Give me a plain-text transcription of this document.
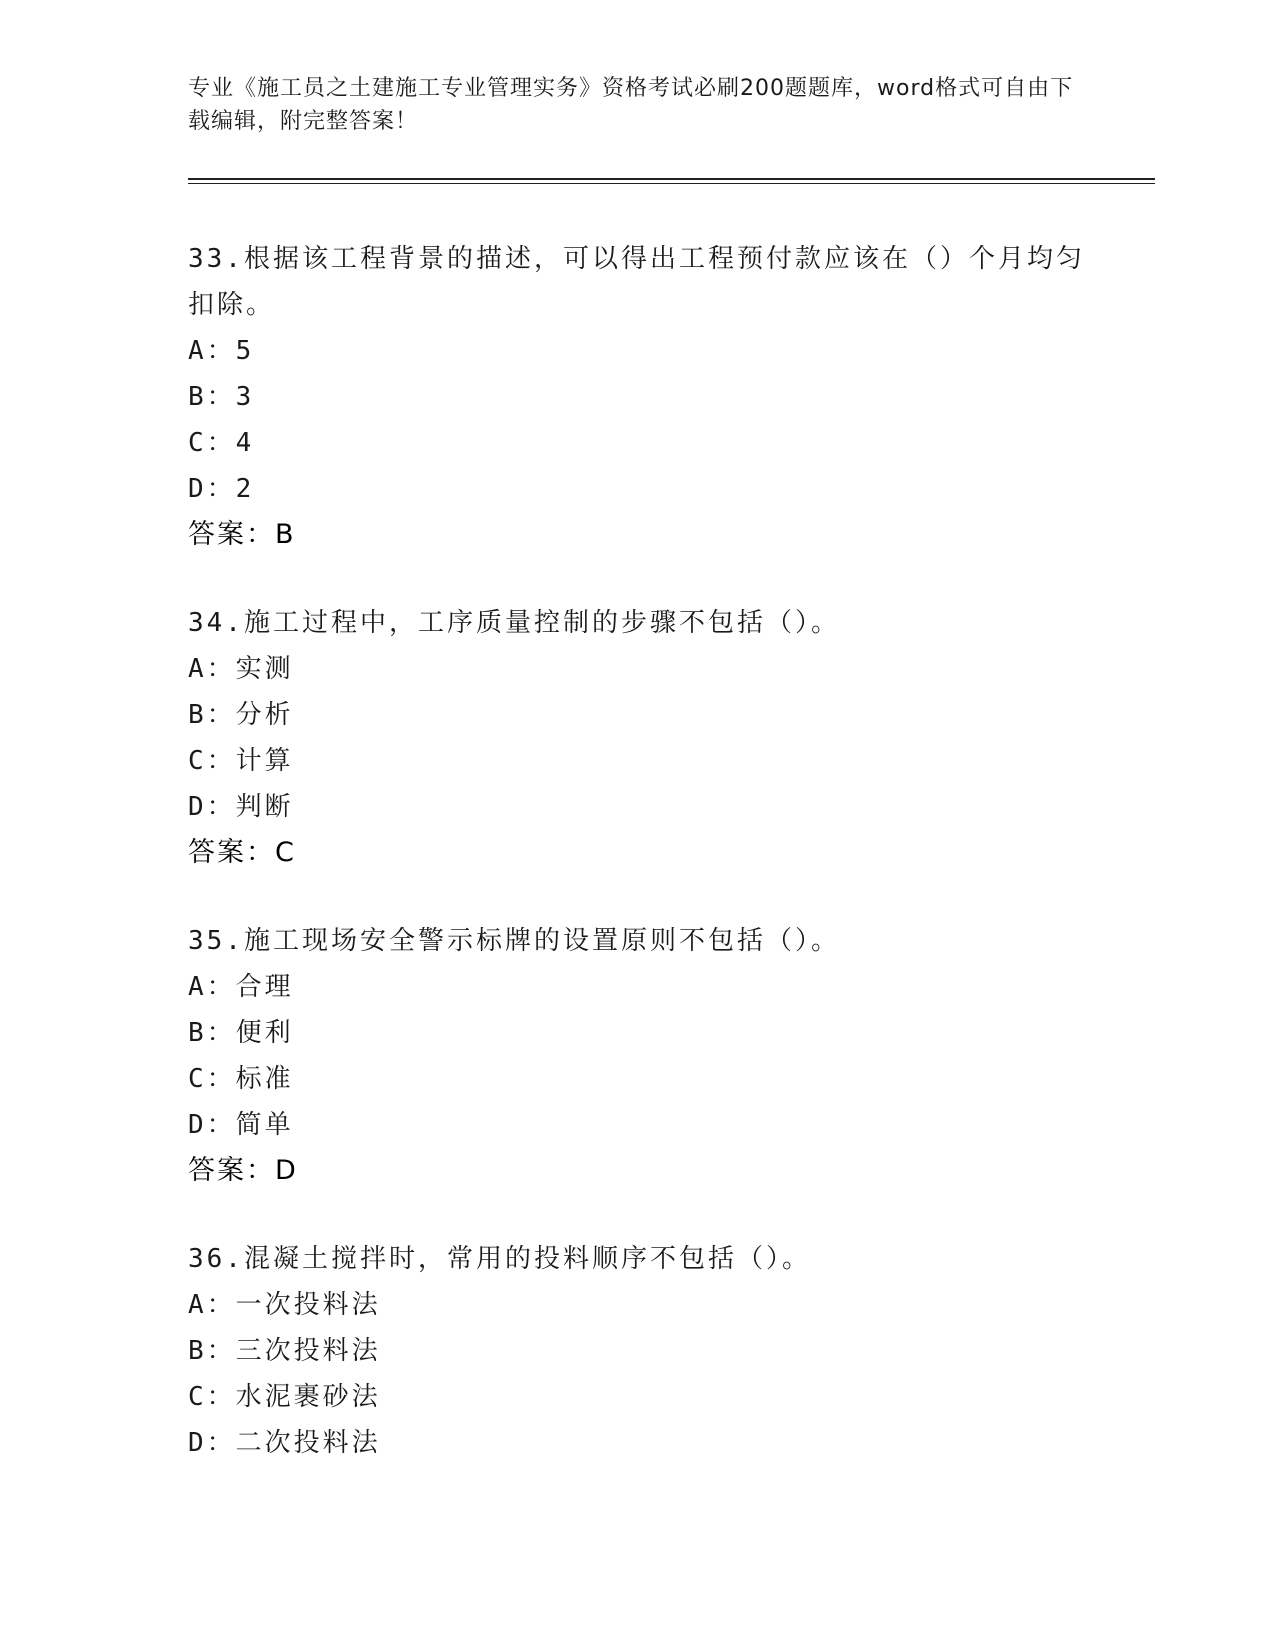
专业《施工员之土建施工专业管理实务》资格考试必刷200题题库，word格式可自由下载编辑，附完整答案！

33.根据该工程背景的描述，可以得出工程预付款应该在（）个月均匀扣除。

A：5

B：3

C：4

D：2

答案：B

34.施工过程中，工序质量控制的步骤不包括（）。

A：实测

B：分析

C：计算

D：判断

答案：C

35.施工现场安全警示标牌的设置原则不包括（）。

A：合理

B：便利

C：标准

D：简单

答案：D

36.混凝土搅拌时，常用的投料顺序不包括（）。

A：一次投料法

B：三次投料法

C：水泥裹砂法

D：二次投料法
